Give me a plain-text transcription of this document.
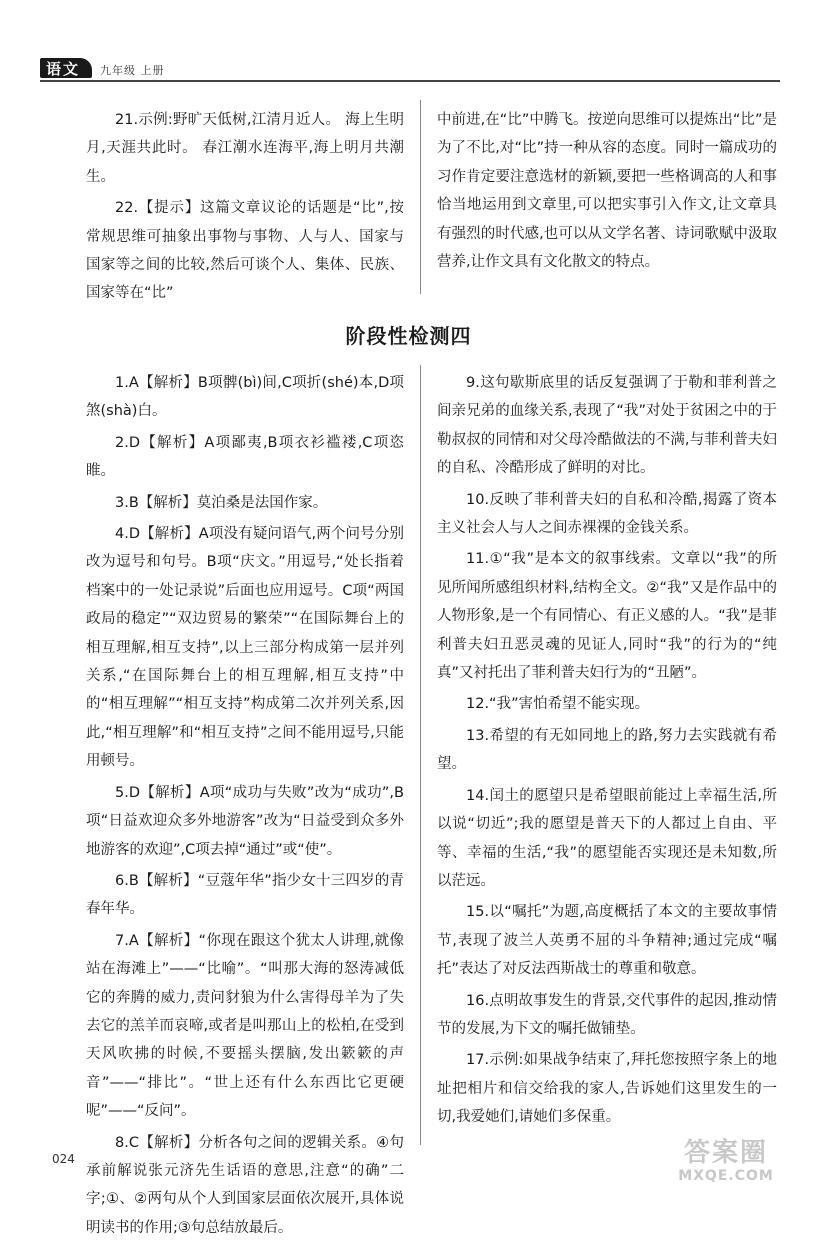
语文	九年级 上册

21.示例:野旷天低树,江清月近人。 海上生明月,天涯共此时。 春江潮水连海平,海上明月共潮生。

22.【提示】这篇文章议论的话题是“比”,按常规思维可抽象出事物与事物、人与人、国家与国家等之间的比较,然后可谈个人、集体、民族、国家等在“比”

中前进,在“比”中腾飞。按逆向思维可以提炼出“比”是为了不比,对“比”持一种从容的态度。同时一篇成功的习作肯定要注意选材的新颖,要把一些格调高的人和事恰当地运用到文章里,可以把实事引入作文,让文章具有强烈的时代感,也可以从文学名著、诗词歌赋中汲取营养,让作文具有文化散文的特点。

阶段性检测四

1.A【解析】B项髀(bì)间,C项折(shé)本,D项煞(shà)白。

2.D【解析】A项鄙夷,B项衣衫褴褛,C项恣睢。

3.B【解析】莫泊桑是法国作家。

4.D【解析】A项没有疑问语气,两个问号分别改为逗号和句号。B项“庆文。”用逗号,“处长指着档案中的一处记录说”后面也应用逗号。C项“两国政局的稳定”“双边贸易的繁荣”“在国际舞台上的相互理解,相互支持”,以上三部分构成第一层并列关系,“在国际舞台上的相互理解,相互支持”中的“相互理解”“相互支持”构成第二次并列关系,因此,“相互理解”和“相互支持”之间不能用逗号,只能用顿号。

5.D【解析】A项“成功与失败”改为“成功”,B项“日益欢迎众多外地游客”改为“日益受到众多外地游客的欢迎”,C项去掉“通过”或“使”。

6.B【解析】“豆蔻年华”指少女十三四岁的青春年华。

7.A【解析】“你现在跟这个犹太人讲理,就像站在海滩上”——“比喻”。“叫那大海的怒涛减低它的奔腾的威力,责问豺狼为什么害得母羊为了失去它的羔羊而哀啼,或者是叫那山上的松柏,在受到天风吹拂的时候,不要摇头摆脑,发出簌簌的声音”——“排比”。“世上还有什么东西比它更硬呢”——“反问”。

8.C【解析】分析各句之间的逻辑关系。④句承前解说张元济先生话语的意思,注意“的确”二字;①、②两句从个人到国家层面依次展开,具体说明读书的作用;③句总结放最后。

9.这句歇斯底里的话反复强调了于勒和菲利普之间亲兄弟的血缘关系,表现了“我”对处于贫困之中的于勒叔叔的同情和对父母冷酷做法的不满,与菲利普夫妇的自私、冷酷形成了鲜明的对比。

10.反映了菲利普夫妇的自私和冷酷,揭露了资本主义社会人与人之间赤裸裸的金钱关系。

11.①“我”是本文的叙事线索。文章以“我”的所见所闻所感组织材料,结构全文。②“我”又是作品中的人物形象,是一个有同情心、有正义感的人。“我”是菲利普夫妇丑恶灵魂的见证人,同时“我”的行为的“纯真”又衬托出了菲利普夫妇行为的“丑陋”。

12.“我”害怕希望不能实现。

13.希望的有无如同地上的路,努力去实践就有希望。

14.闰土的愿望只是希望眼前能过上幸福生活,所以说“切近”;我的愿望是普天下的人都过上自由、平等、幸福的生活,“我”的愿望能否实现还是未知数,所以茫远。

15.以“嘱托”为题,高度概括了本文的主要故事情节,表现了波兰人英勇不屈的斗争精神;通过完成“嘱托”表达了对反法西斯战士的尊重和敬意。

16.点明故事发生的背景,交代事件的起因,推动情节的发展,为下文的嘱托做铺垫。

17.示例:如果战争结束了,拜托您按照字条上的地址把相片和信交给我的家人,告诉她们这里发生的一切,我爱她们,请她们多保重。

024	答案圈
MXQE.COM
